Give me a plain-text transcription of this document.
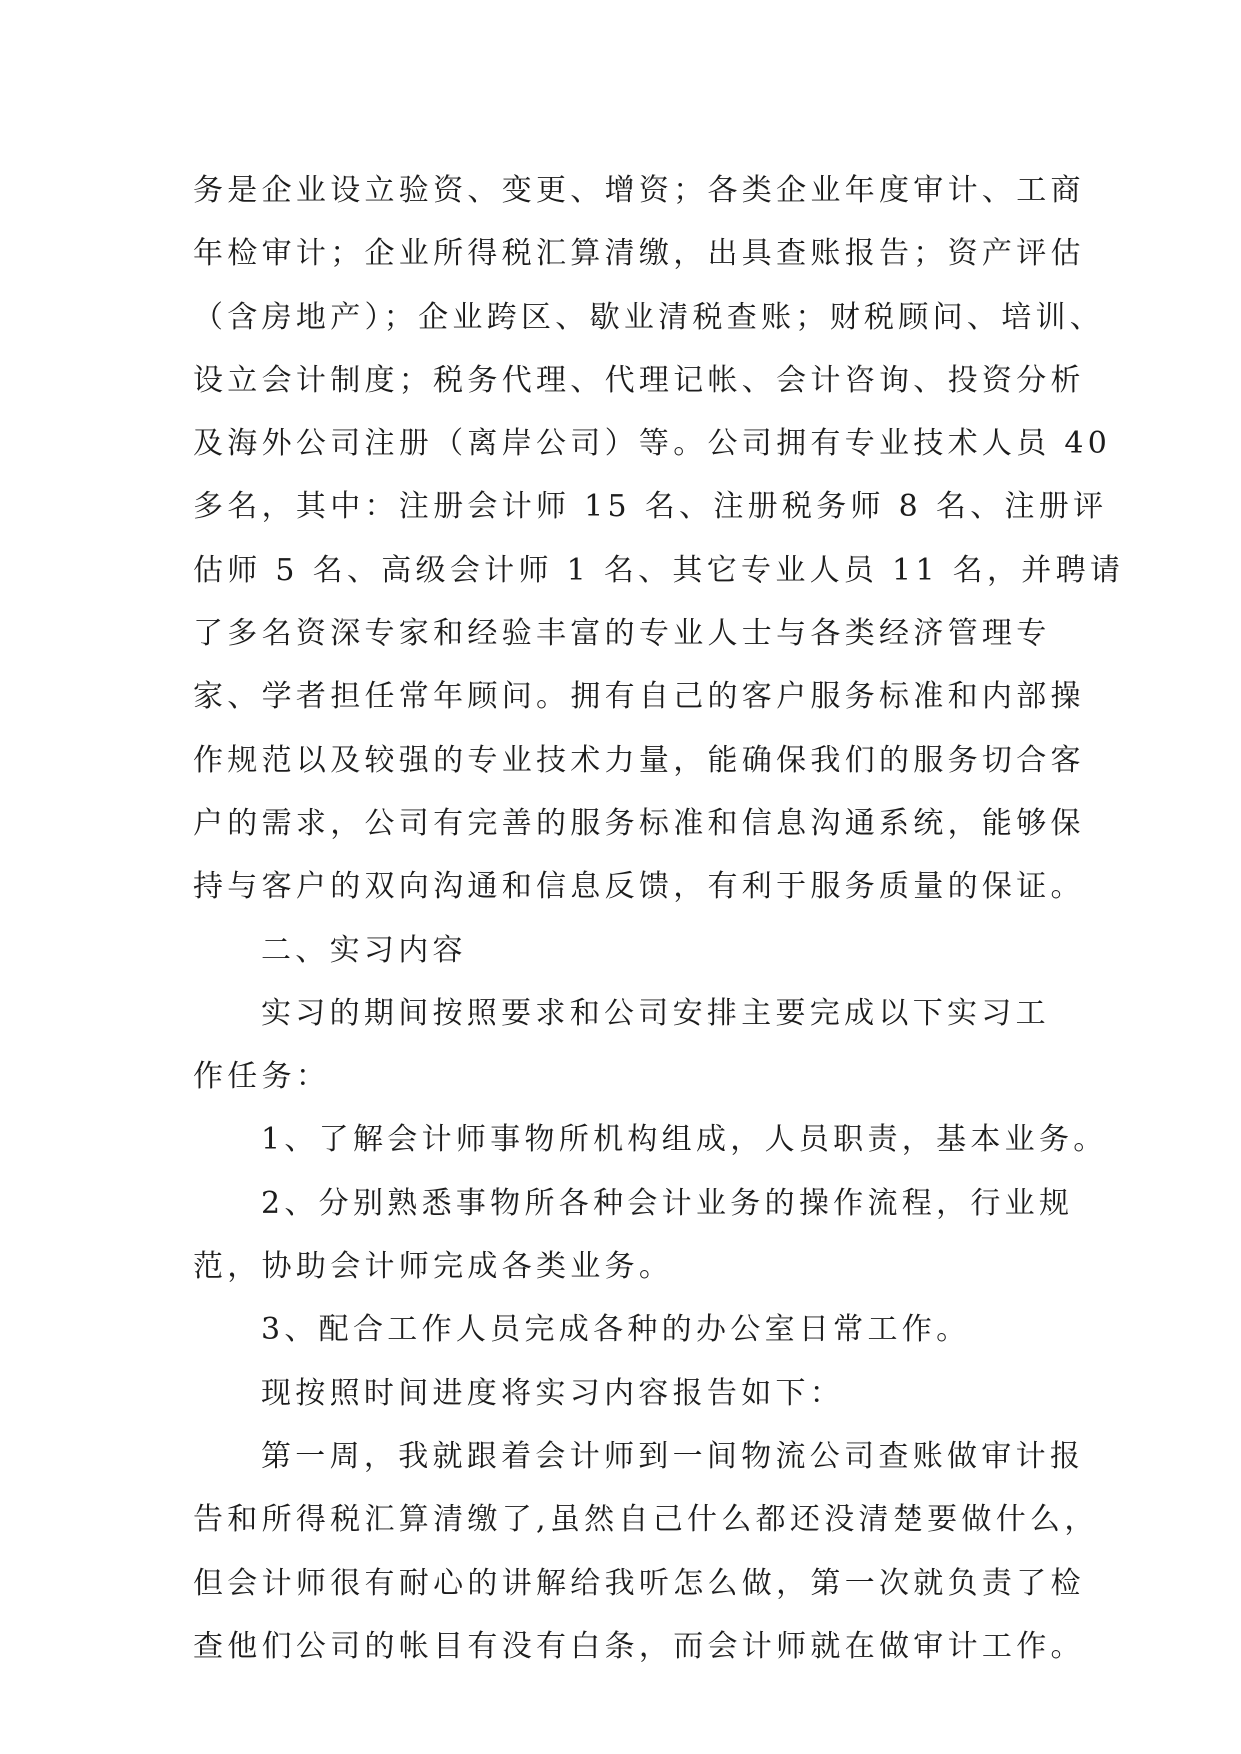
务是企业设立验资、变更、增资；各类企业年度审计、工商
年检审计；企业所得税汇算清缴，出具查账报告；资产评估
（含房地产）；企业跨区、歇业清税查账；财税顾问、培训、
设立会计制度；税务代理、代理记帐、会计咨询、投资分析
及海外公司注册（离岸公司）等。公司拥有专业技术人员 40
多名，其中：注册会计师 15 名、注册税务师 8 名、注册评
估师 5 名、高级会计师 1 名、其它专业人员 11 名，并聘请
了多名资深专家和经验丰富的专业人士与各类经济管理专
家、学者担任常年顾问。拥有自己的客户服务标准和内部操
作规范以及较强的专业技术力量，能确保我们的服务切合客
户的需求，公司有完善的服务标准和信息沟通系统，能够保
持与客户的双向沟通和信息反馈，有利于服务质量的保证。
二、实习内容
实习的期间按照要求和公司安排主要完成以下实习工
作任务：
1、了解会计师事物所机构组成，人员职责，基本业务。
2、分别熟悉事物所各种会计业务的操作流程，行业规
范，协助会计师完成各类业务。
3、配合工作人员完成各种的办公室日常工作。
现按照时间进度将实习内容报告如下：
第一周，我就跟着会计师到一间物流公司查账做审计报
告和所得税汇算清缴了,虽然自己什么都还没清楚要做什么，
但会计师很有耐心的讲解给我听怎么做，第一次就负责了检
查他们公司的帐目有没有白条，而会计师就在做审计工作。
